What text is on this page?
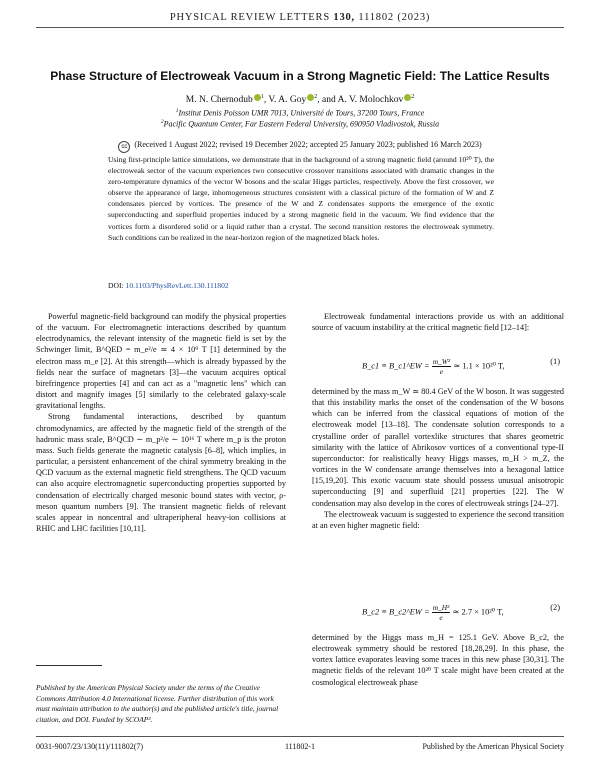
PHYSICAL REVIEW LETTERS 130, 111802 (2023)
Phase Structure of Electroweak Vacuum in a Strong Magnetic Field: The Lattice Results
M. N. Chernodub $^1$, V. A. Goy $^2$, and A. V. Molochkov $^2$
$^1$Institut Denis Poisson UMR 7013, Université de Tours, 37200 Tours, France
$^2$Pacific Quantum Center, Far Eastern Federal University, 690950 Vladivostok, Russia
cc (Received 1 August 2022; revised 19 December 2022; accepted 25 January 2023; published 16 March 2023)

Using first-principle lattice simulations, we demonstrate that in the background of a strong magnetic field (around 10²⁰ T), the electroweak sector of the vacuum experiences two consecutive crossover transitions associated with dramatic changes in the zero-temperature dynamics of the vector W bosons and the scalar Higgs particles, respectively. Above the first crossover, we observe the appearance of large, inhomogeneous structures consistent with a classical picture of the formation of W and Z condensates pierced by vortices. The presence of the W and Z condensates supports the emergence of the exotic superconducting and superfluid properties induced by a strong magnetic field in the vacuum. We find evidence that the vortices form a disordered solid or a liquid rather than a crystal. The second transition restores the electroweak symmetry. Such conditions can be realized in the near-horizon region of the magnetized black holes.

DOI: 10.1103/PhysRevLett.130.111802

Powerful magnetic-field background can modify the physical properties of the vacuum. For electromagnetic interactions described by quantum electrodynamics, the relevant intensity of the magnetic field is set by the Schwinger limit, B^QED = m_e²/e ≃ 4 × 10⁹ T [1] determined by the electron mass m_e [2]. At this strength—which is already bypassed by the fields near the surface of magnetars [3]—the vacuum acquires optical birefringence properties [4] and can act as a "magnetic lens" which can distort and magnify images [5] similarly to the celebrated galaxy-scale gravitational lengths.

Strong fundamental interactions, described by quantum chromodynamics, are affected by the magnetic field of the strength of the hadronic mass scale, B^QCD ∼ m_p²/e ∼ 10¹⁶ T where m_p is the proton mass. Such fields generate the magnetic catalysis [6–8], which implies, in particular, a persistent enhancement of the chiral symmetry breaking in the QCD vacuum as the external magnetic field strengthens. The QCD vacuum can also acquire electromagnetic superconducting properties supported by condensation of electrically charged mesonic bound states with vector, ρ-meson quantum numbers [9]. The transient magnetic fields of relevant scales appear in noncentral and ultraperipheral heavy-ion collisions at RHIC and LHC facilities [10,11].

Electroweak fundamental interactions provide us with an additional source of vacuum instability at the critical magnetic field [12–14]:

B_c1 ≡ B_c1^EW = $\frac{\text{m\_W²}}{e}$ ≃ 1.1 × 10²⁰ T,	(1)

determined by the mass m_W ≃ 80.4 GeV of the W boson. It was suggested that this instability marks the onset of the condensation of the W bosons which can be inferred from the classical equations of motion of the electroweak model [13–18]. The condensate solution corresponds to a crystalline order of parallel vortexlike structures that shares geometric similarity with the lattice of Abrikosov vortices of a conventional type-II superconductor: for realistically heavy Higgs masses, m_H > m_Z, the vortices in the W condensate arrange themselves into a hexagonal lattice [15,19,20]. This exotic vacuum state should possess unusual anisotropic superconducting [9] and superfluid [21] properties [22]. The W condensation may also develop in the cores of electroweak strings [24–27].

The electroweak vacuum is suggested to experience the second transition at an even higher magnetic field:

B_c2 ≡ B_c2^EW = $\frac{\text{m\_H²}}{e}$ ≃ 2.7 × 10²⁰ T,	(2)

determined by the Higgs mass m_H = 125.1 GeV. Above B_c2, the electroweak symmetry should be restored [18,28,29]. In this phase, the vortex lattice evaporates leaving some traces in this new phase [30,31]. The magnetic fields of the relevant 10²⁰ T scale might have been created at the cosmological electroweak phase

Published by the American Physical Society under the terms of the Creative Commons Attribution 4.0 International license. Further distribution of this work must maintain attribution to the author(s) and the published article's title, journal citation, and DOI. Funded by SCOAP³.

0031-9007/23/130(11)/111802(7)	111802-1	Published by the American Physical Society
